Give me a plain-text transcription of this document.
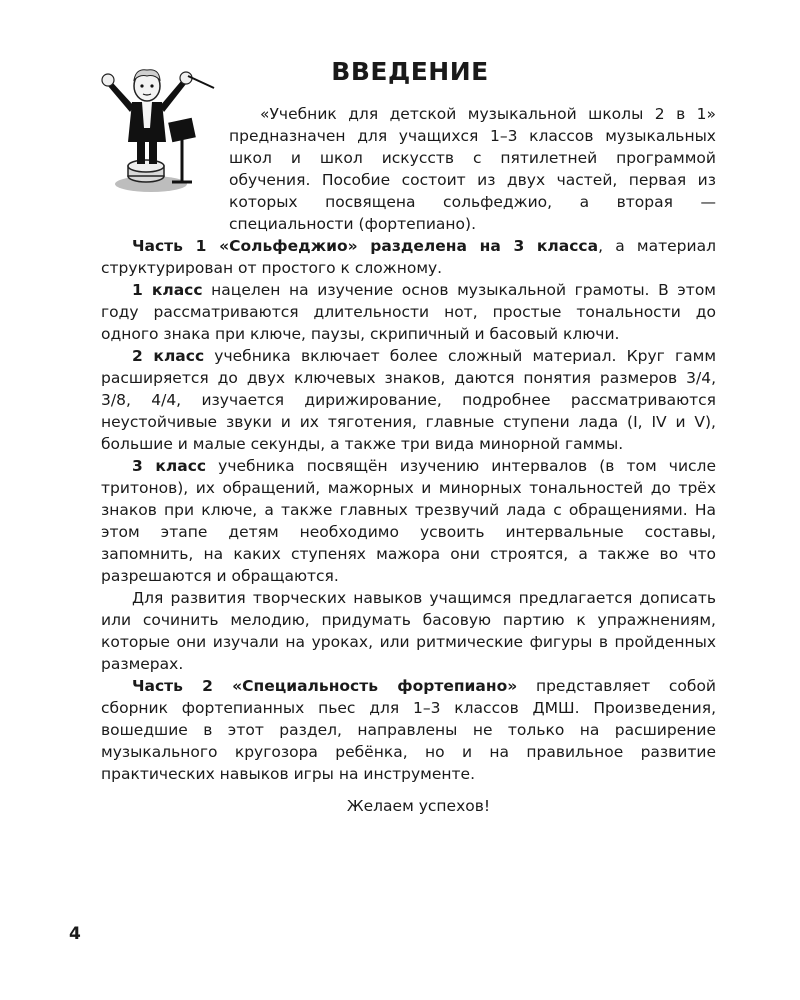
ВВЕДЕНИЕ

«Учебник для детской музыкальной школы 2 в 1» предназначен для учащихся 1–3 классов музыкальных школ и школ искусств с пятилетней программой обучения. Пособие состоит из двух частей, первая из которых посвящена сольфеджио, а вторая — специальности (фортепиано).

Часть 1 «Сольфеджио» разделена на 3 класса, а материал структурирован от простого к сложному.

1 класс нацелен на изучение основ музыкальной грамоты. В этом году рассматриваются длительности нот, простые тональности до одного знака при ключе, паузы, скрипичный и басовый ключи.

2 класс учебника включает более сложный материал. Круг гамм расширяется до двух ключевых знаков, даются понятия размеров 3/4, 3/8, 4/4, изучается дирижирование, подробнее рассматриваются неустойчивые звуки и их тяготения, главные ступени лада (I, IV и V), большие и малые секунды, а также три вида минорной гаммы.

3 класс учебника посвящён изучению интервалов (в том числе тритонов), их обращений, мажорных и минорных тональностей до трёх знаков при ключе, а также главных трезвучий лада с обращениями. На этом этапе детям необходимо усвоить интервальные составы, запомнить, на каких ступенях мажора они строятся, а также во что разрешаются и обращаются.

Для развития творческих навыков учащимся предлагается дописать или сочинить мелодию, придумать басовую партию к упражнениям, которые они изучали на уроках, или ритмические фигуры в пройденных размерах.

Часть 2 «Специальность фортепиано» представляет собой сборник фортепианных пьес для 1–3 классов ДМШ. Произведения, вошедшие в этот раздел, направлены не только на расширение музыкального кругозора ребёнка, но и на правильное развитие практических навыков игры на инструменте.

Желаем успехов!

4
